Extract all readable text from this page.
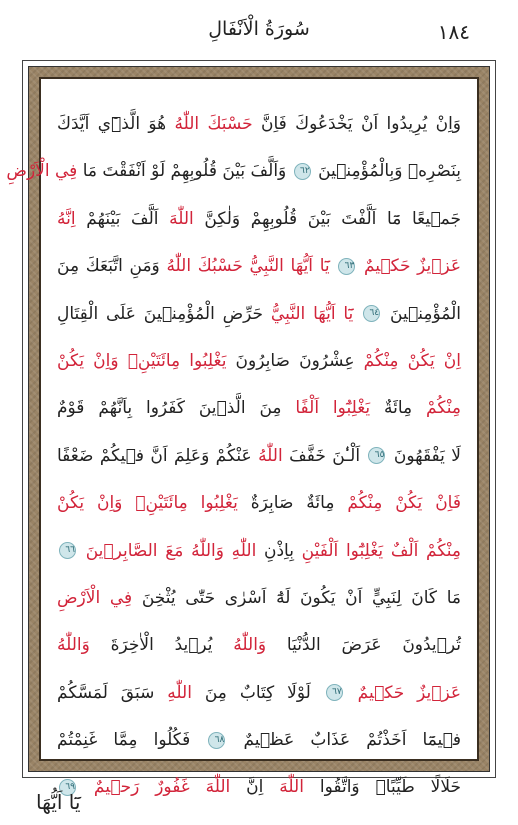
١٨٤
سُورَةُ الْاَنْفَالِ
وَاِنْ يُرِيدُوا اَنْ يَخْدَعُوكَ فَاِنَّ حَسْبَكَ اللّٰهُ هُوَ الَّذ۪ٓي اَيَّدَكَ
بِنَصْرِه۪ وَبِالْمُؤْمِن۪ينَ ٦٢ وَاَلَّفَ بَيْنَ قُلُوبِهِمْ لَوْ اَنْفَقْتَ مَا فِي الْاَرْضِ
جَم۪يعًا مَٓا اَلَّفْتَ بَيْنَ قُلُوبِهِمْ وَلٰكِنَّ اللّٰهَ اَلَّفَ بَيْنَهُمْ اِنَّهُ
عَز۪يزٌ حَك۪يمٌ ٦٣ يَٓا اَيُّهَا النَّبِيُّ حَسْبُكَ اللّٰهُ وَمَنِ اتَّبَعَكَ مِنَ
الْمُؤْمِن۪ينَ ٦٤ يَٓا اَيُّهَا النَّبِيُّ حَرِّضِ الْمُؤْمِن۪ينَ عَلَى الْقِتَالِ
اِنْ يَكُنْ مِنْكُمْ عِشْرُونَ صَابِرُونَ يَغْلِبُوا مِائَتَيْنِۚ وَاِنْ يَكُنْ
مِنْكُمْ مِائَةٌ يَغْلِبُٓوا اَلْفًا مِنَ الَّذ۪ينَ كَفَرُوا بِاَنَّهُمْ قَوْمٌ
لَا يَفْقَهُونَ ٦٥ اَلْـٰٔنَ خَفَّفَ اللّٰهُ عَنْكُمْ وَعَلِمَ اَنَّ ف۪يكُمْ ضَعْفًا
فَاِنْ يَكُنْ مِنْكُمْ مِائَةٌ صَابِرَةٌ يَغْلِبُوا مِائَتَيْنِۚ وَاِنْ يَكُنْ
مِنْكُمْ اَلْفٌ يَغْلِبُٓوا اَلْفَيْنِ بِاِذْنِ اللّٰهِ وَاللّٰهُ مَعَ الصَّابِر۪ينَ ٦٦
مَا كَانَ لِنَبِيٍّ اَنْ يَكُونَ لَهُٓ اَسْرٰى حَتّٰى يُثْخِنَ فِي الْاَرْضِ
تُر۪يدُونَ عَرَضَ الدُّنْيَا وَاللّٰهُ يُر۪يدُ الْاٰخِرَةَ وَاللّٰهُ
عَز۪يزٌ حَك۪يمٌ ٦٧ لَوْلَا كِتَابٌ مِنَ اللّٰهِ سَبَقَ لَمَسَّكُمْ
ف۪يمَٓا اَخَذْتُمْ عَذَابٌ عَظ۪يمٌ ٦٨ فَكُلُوا مِمَّا غَنِمْتُمْ
حَلَالًا طَيِّبًاۘ وَاتَّقُوا اللّٰهَ اِنَّ اللّٰهَ غَفُورٌ رَح۪يمٌ ٦٩
يَٓا اَيُّهَا
